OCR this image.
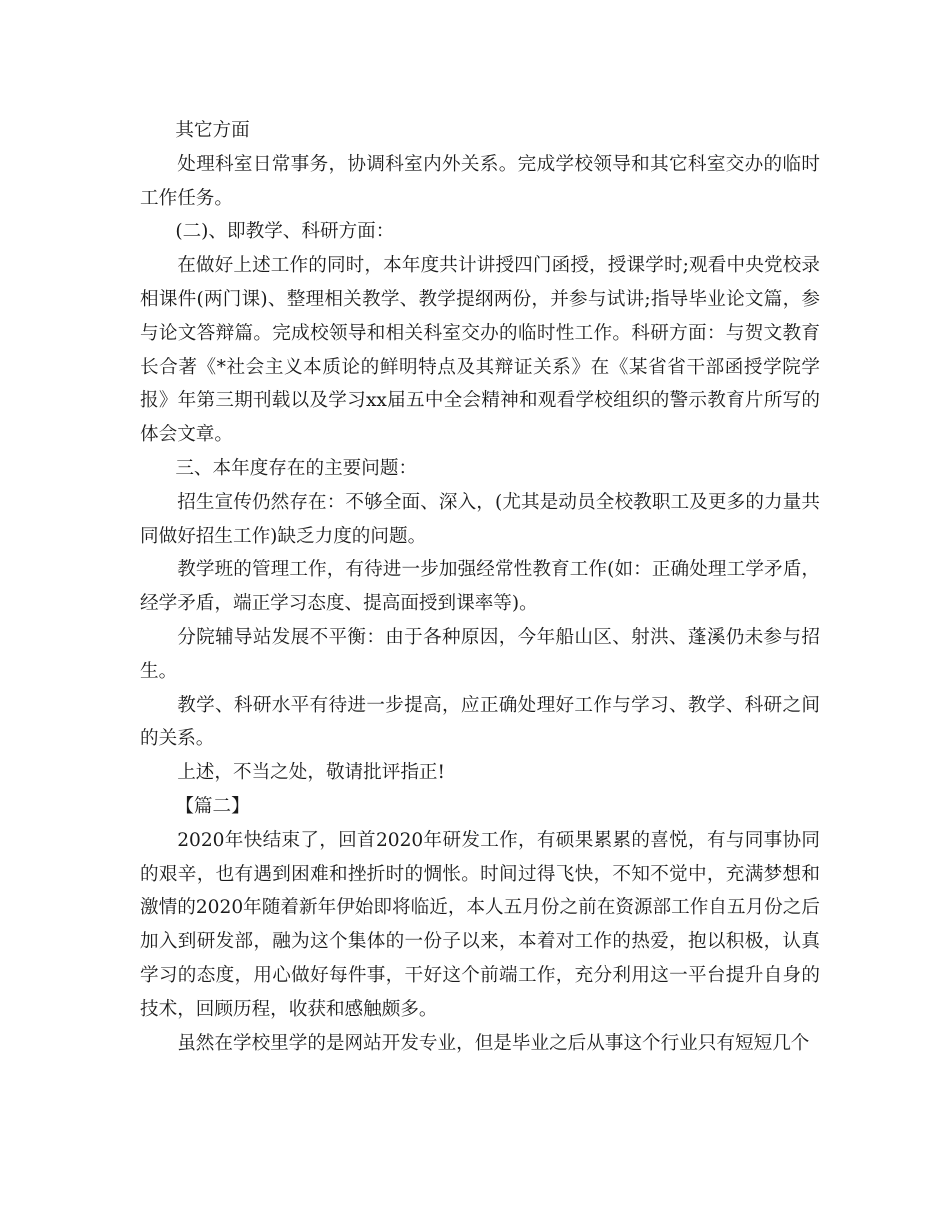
其它方面

处理科室日常事务，协调科室内外关系。完成学校领导和其它科室交办的临时工作任务。

(二)、即教学、科研方面：

在做好上述工作的同时，本年度共计讲授四门函授，授课学时;观看中央党校录相课件(两门课)、整理相关教学、教学提纲两份，并参与试讲;指导毕业论文篇，参与论文答辩篇。完成校领导和相关科室交办的临时性工作。科研方面：与贺文教育长合著《*社会主义本质论的鲜明特点及其辩证关系》在《某省省干部函授学院学报》年第三期刊载以及学习xx届五中全会精神和观看学校组织的警示教育片所写的体会文章。

三、本年度存在的主要问题：

招生宣传仍然存在：不够全面、深入，(尤其是动员全校教职工及更多的力量共同做好招生工作)缺乏力度的问题。

教学班的管理工作，有待进一步加强经常性教育工作(如：正确处理工学矛盾，经学矛盾，端正学习态度、提高面授到课率等)。

分院辅导站发展不平衡：由于各种原因，今年船山区、射洪、蓬溪仍未参与招生。

教学、科研水平有待进一步提高，应正确处理好工作与学习、教学、科研之间的关系。

上述，不当之处，敬请批评指正!

【篇二】

2020年快结束了，回首2020年研发工作，有硕果累累的喜悦，有与同事协同的艰辛，也有遇到困难和挫折时的惆怅。时间过得飞快，不知不觉中，充满梦想和激情的2020年随着新年伊始即将临近，本人五月份之前在资源部工作自五月份之后加入到研发部，融为这个集体的一份子以来，本着对工作的热爱，抱以积极，认真学习的态度，用心做好每件事，干好这个前端工作，充分利用这一平台提升自身的技术，回顾历程，收获和感触颇多。

虽然在学校里学的是网站开发专业，但是毕业之后从事这个行业只有短短几个
